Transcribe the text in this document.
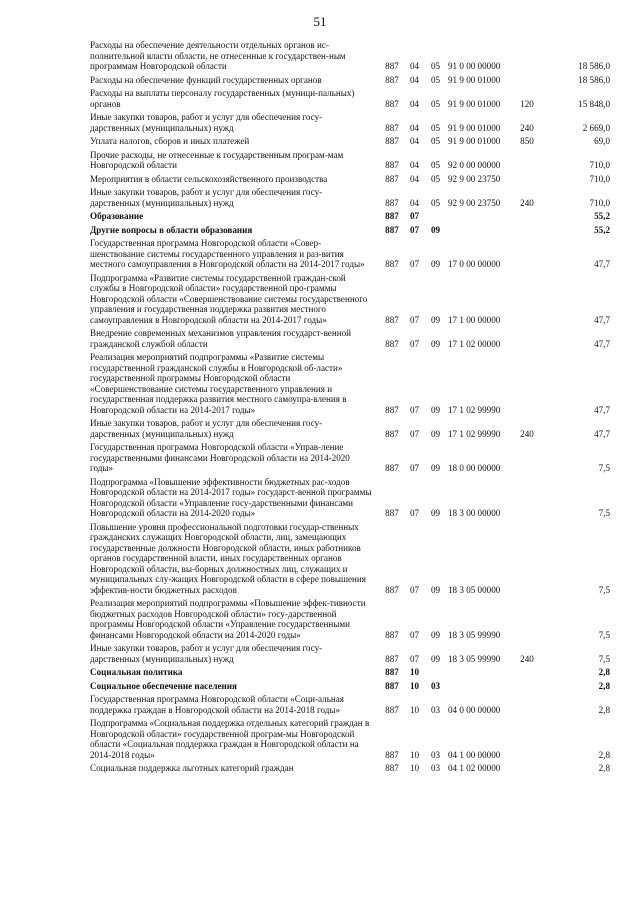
51
Расходы на обеспечение деятельности отдельных органов ис-полнительной власти области, не отнесенные к государствен-ным программам Новгородской области	887	04	05	91 0 00 00000		18 586,0
Расходы на обеспечение функций государственных органов	887	04	05	91 9 00 01000		18 586,0
Расходы на выплаты персоналу государственных (муници-пальных) органов	887	04	05	91 9 00 01000	120	15 848,0
Иные закупки товаров, работ и услуг для обеспечения госу-дарственных (муниципальных) нужд	887	04	05	91 9 00 01000	240	2 669,0
Уплата налогов, сборов и иных платежей	887	04	05	91 9 00 01000	850	69,0
Прочие расходы, не отнесенные к государственным програм-мам Новгородской области	887	04	05	92 0 00 00000		710,0
Мероприятия в области сельскохозяйственного производства	887	04	05	92 9 00 23750		710,0
Иные закупки товаров, работ и услуг для обеспечения госу-дарственных (муниципальных) нужд	887	04	05	92 9 00 23750	240	710,0
Образование	887	07				55,2
Другие вопросы в области образования	887	07	09			55,2
Государственная программа Новгородской области «Совер-шенствование системы государственного управления и раз-вития местного самоуправления в Новгородской области на 2014-2017 годы»	887	07	09	17 0 00 00000		47,7
Подпрограмма «Развитие системы государственной граждан-ской службы в Новгородской области» государственной про-граммы Новгородской области «Совершенствование системы государственного управления и государственная поддержка развития местного самоуправления в Новгородской области на 2014-2017 годы»	887	07	09	17 1 00 00000		47,7
Внедрение современных механизмов управления государст-венной гражданской службой области	887	07	09	17 1 02 00000		47,7
Реализация мероприятий подпрограммы «Развитие системы государственной гражданской службы в Новгородской об-ласти» государственной программы Новгородской области «Совершенствование системы государственного управления и государственная поддержка развития местного самоупра-вления в Новгородской области на 2014-2017 годы»	887	07	09	17 1 02 99990		47,7
Иные закупки товаров, работ и услуг для обеспечения госу-дарственных (муниципальных) нужд	887	07	09	17 1 02 99990	240	47,7
Государственная программа Новгородской области «Управ-ление государственными финансами Новгородской области на 2014-2020 годы»	887	07	09	18 0 00 00000		7,5
Подпрограмма «Повышение эффективности бюджетных рас-ходов Новгородской области на 2014-2017 годы» государст-венной программы Новгородской области «Управление госу-дарственными финансами Новгородской области на 2014-2020 годы»	887	07	09	18 3 00 00000		7,5
Повышение уровня профессиональной подготовки государ-ственных гражданских служащих Новгородской области, лиц, замещающих государственные должности Новгородской области, иных работников органов государственной власти, иных государственных органов Новгородской области, вы-борных должностных лиц, служащих и муниципальных слу-жащих Новгородской области в сфере повышения эффектив-ности бюджетных расходов	887	07	09	18 3 05 00000		7,5
Реализация мероприятий подпрограммы «Повышение эффек-тивности бюджетных расходов Новгородской области» госу-дарственной программы Новгородской области «Управление государственными финансами Новгородской области на 2014-2020 годы»	887	07	09	18 3 05 99990		7,5
Иные закупки товаров, работ и услуг для обеспечения госу-дарственных (муниципальных) нужд	887	07	09	18 3 05 99990	240	7,5
Социальная политика	887	10				2,8
Социальное обеспечение населения	887	10	03			2,8
Государственная программа Новгородской области «Соци-альная поддержка граждан в Новгородской области на 2014-2018 годы»	887	10	03	04 0 00 00000		2,8
Подпрограмма «Социальная поддержка отдельных категорий граждан в Новгородской области» государственной програм-мы Новгородской области «Социальная поддержка граждан в Новгородской области на 2014-2018 годы»	887	10	03	04 1 00 00000		2,8
Социальная поддержка льготных категорий граждан	887	10	03	04 1 02 00000		2,8
